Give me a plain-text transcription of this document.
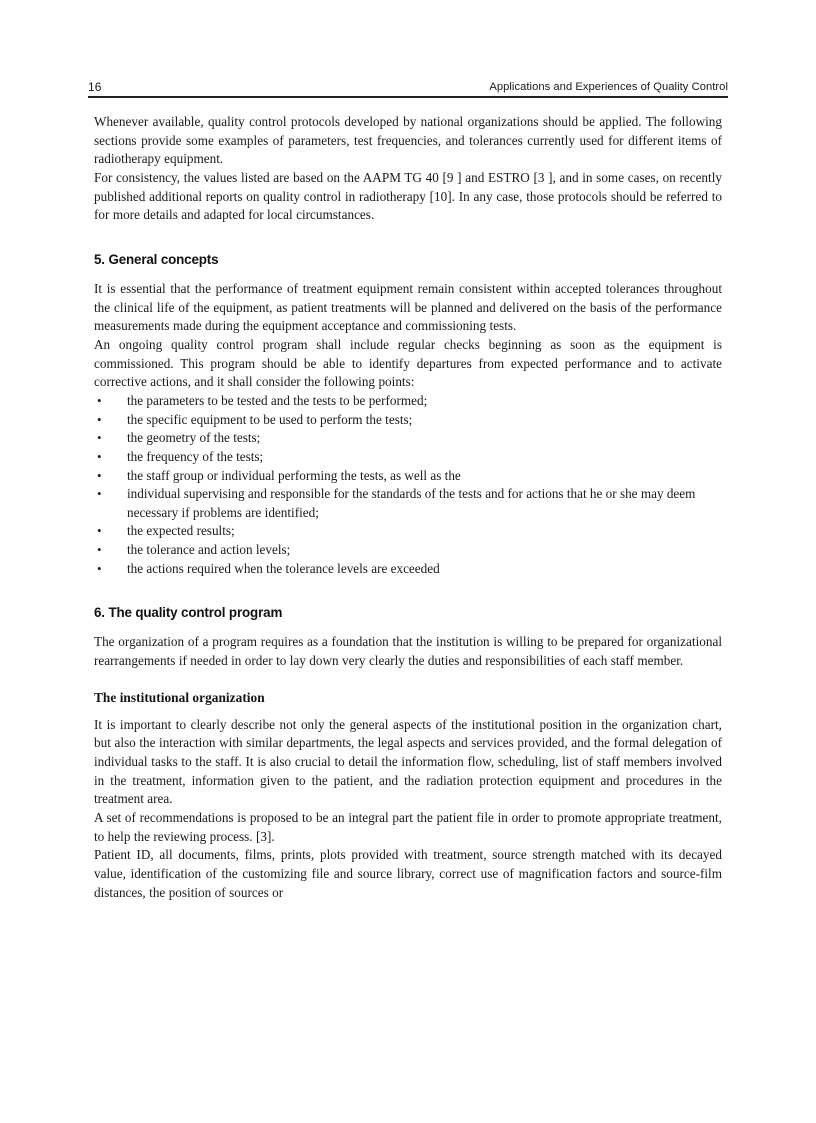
16	Applications and Experiences of Quality Control

Whenever available, quality control protocols developed by national organizations should be applied. The following sections provide some examples of parameters, test frequencies, and tolerances currently used for different items of radiotherapy equipment.

For consistency, the values listed are based on the AAPM TG 40 [9 ] and ESTRO [3 ], and in some cases, on recently published additional reports on quality control in radiotherapy [10]. In any case, those protocols should be referred to for more details and adapted for local circumstances.

5. General concepts

It is essential that the performance of treatment equipment remain consistent within accepted tolerances throughout the clinical life of the equipment, as patient treatments will be planned and delivered on the basis of the performance measurements made during the equipment acceptance and commissioning tests.

An ongoing quality control program shall include regular checks beginning as soon as the equipment is commissioned. This program should be able to identify departures from expected performance and to activate corrective actions, and it shall consider the following points:

• the parameters to be tested and the tests to be performed;
• the specific equipment to be used to perform the tests;
• the geometry of the tests;
• the frequency of the tests;
• the staff group or individual performing the tests, as well as the
• individual supervising and responsible for the standards of the tests and for actions that he or she may deem necessary if problems are identified;
• the expected results;
• the tolerance and action levels;
• the actions required when the tolerance levels are exceeded
6. The quality control program

The organization of a program requires as a foundation that the institution is willing to be prepared for organizational rearrangements if needed in order to lay down very clearly the duties and responsibilities of each staff member.

The institutional organization

It is important to clearly describe not only the general aspects of the institutional position in the organization chart, but also the interaction with similar departments, the legal aspects and services provided, and the formal delegation of individual tasks to the staff. It is also crucial to detail the information flow, scheduling, list of staff members involved in the treatment, information given to the patient, and the radiation protection equipment and procedures in the treatment area.

A set of recommendations is proposed to be an integral part the patient file in order to promote appropriate treatment, to help the reviewing process. [3].

Patient ID, all documents, films, prints, plots provided with treatment, source strength matched with its decayed value, identification of the customizing file and source library, correct use of magnification factors and source-film distances, the position of sources or
